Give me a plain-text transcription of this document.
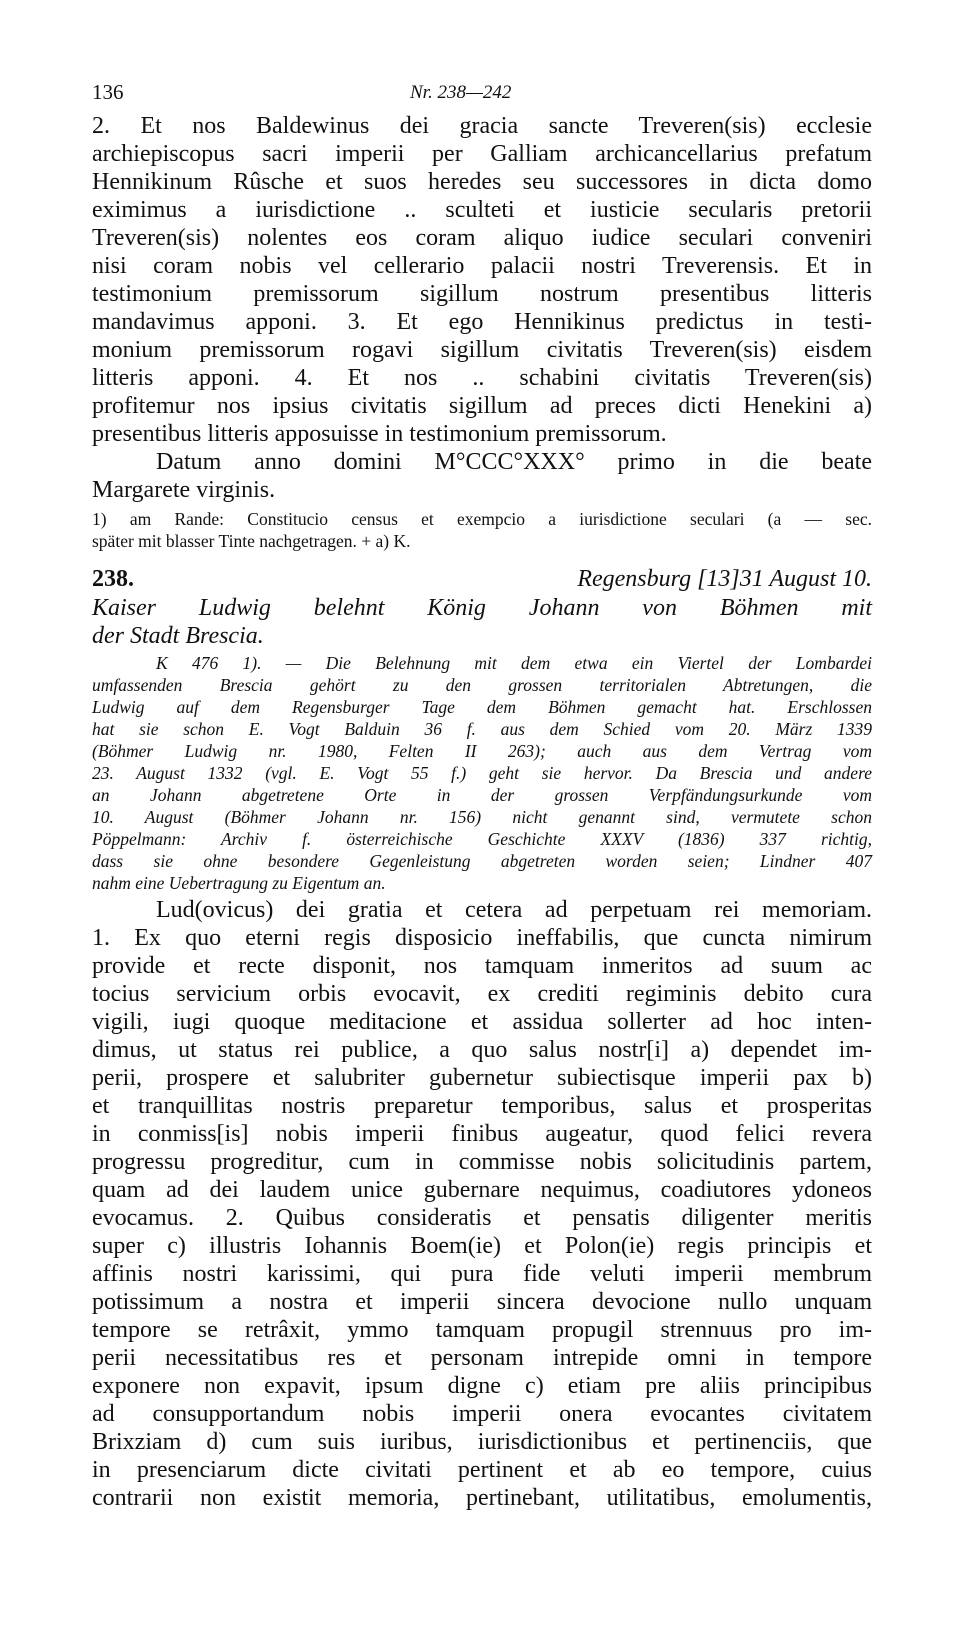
136	Nr. 238—242
2. Et nos Baldewinus dei gracia sancte Treveren(sis) ecclesie
archiepiscopus sacri imperii per Galliam archicancellarius prefatum
Hennikinum Rûsche et suos heredes seu successores in dicta domo
eximimus a iurisdictione .. sculteti et iusticie secularis pretorii
Treveren(sis) nolentes eos coram aliquo iudice seculari conveniri
nisi coram nobis vel cellerario palacii nostri Treverensis. Et in
testimonium premissorum sigillum nostrum presentibus litteris
mandavimus apponi. 3. Et ego Hennikinus predictus in testi-
monium premissorum rogavi sigillum civitatis Treveren(sis) eisdem
litteris apponi. 4. Et nos .. schabini civitatis Treveren(sis)
profitemur nos ipsius civitatis sigillum ad preces dicti Henekini a)
presentibus litteris apposuisse in testimonium premissorum.
Datum anno domini M°CCC°XXX° primo in die beate
Margarete virginis.
1) am Rande: Constitucio census et exempcio a iurisdictione seculari (a — sec.
später mit blasser Tinte nachgetragen. + a) K.
238.	Regensburg [13]31 August 10.
Kaiser Ludwig belehnt König Johann von Böhmen mit
der Stadt Brescia.
K 476 1). — Die Belehnung mit dem etwa ein Viertel der Lombardei
umfassenden Brescia gehört zu den grossen territorialen Abtretungen, die
Ludwig auf dem Regensburger Tage dem Böhmen gemacht hat. Erschlossen
hat sie schon E. Vogt Balduin 36 f. aus dem Schied vom 20. März 1339
(Böhmer Ludwig nr. 1980, Felten II 263); auch aus dem Vertrag vom
23. August 1332 (vgl. E. Vogt 55 f.) geht sie hervor. Da Brescia und andere
an Johann abgetretene Orte in der grossen Verpfändungsurkunde vom
10. August (Böhmer Johann nr. 156) nicht genannt sind, vermutete schon
Pöppelmann: Archiv f. österreichische Geschichte XXXV (1836) 337 richtig,
dass sie ohne besondere Gegenleistung abgetreten worden seien; Lindner 407
nahm eine Uebertragung zu Eigentum an.
Lud(ovicus) dei gratia et cetera ad perpetuam rei memoriam.
1. Ex quo eterni regis disposicio ineffabilis, que cuncta nimirum
provide et recte disponit, nos tamquam inmeritos ad suum ac
tocius servicium orbis evocavit, ex crediti regiminis debito cura
vigili, iugi quoque meditacione et assidua sollerter ad hoc inten-
dimus, ut status rei publice, a quo salus nostr[i] a) dependet im-
perii, prospere et salubriter gubernetur subiectisque imperii pax b)
et tranquillitas nostris preparetur temporibus, salus et prosperitas
in conmiss[is] nobis imperii finibus augeatur, quod felici revera
progressu progreditur, cum in commisse nobis solicitudinis partem,
quam ad dei laudem unice gubernare nequimus, coadiutores ydoneos
evocamus. 2. Quibus consideratis et pensatis diligenter meritis
super c) illustris Iohannis Boem(ie) et Polon(ie) regis principis et
affinis nostri karissimi, qui pura fide veluti imperii membrum
potissimum a nostra et imperii sincera devocione nullo unquam
tempore se retrâxit, ymmo tamquam propugil strennuus pro im-
perii necessitatibus res et personam intrepide omni in tempore
exponere non expavit, ipsum digne c) etiam pre aliis principibus
ad consupportandum nobis imperii onera evocantes civitatem
Brixziam d) cum suis iuribus, iurisdictionibus et pertinenciis, que
in presenciarum dicte civitati pertinent et ab eo tempore, cuius
contrarii non existit memoria, pertinebant, utilitatibus, emolumentis,
